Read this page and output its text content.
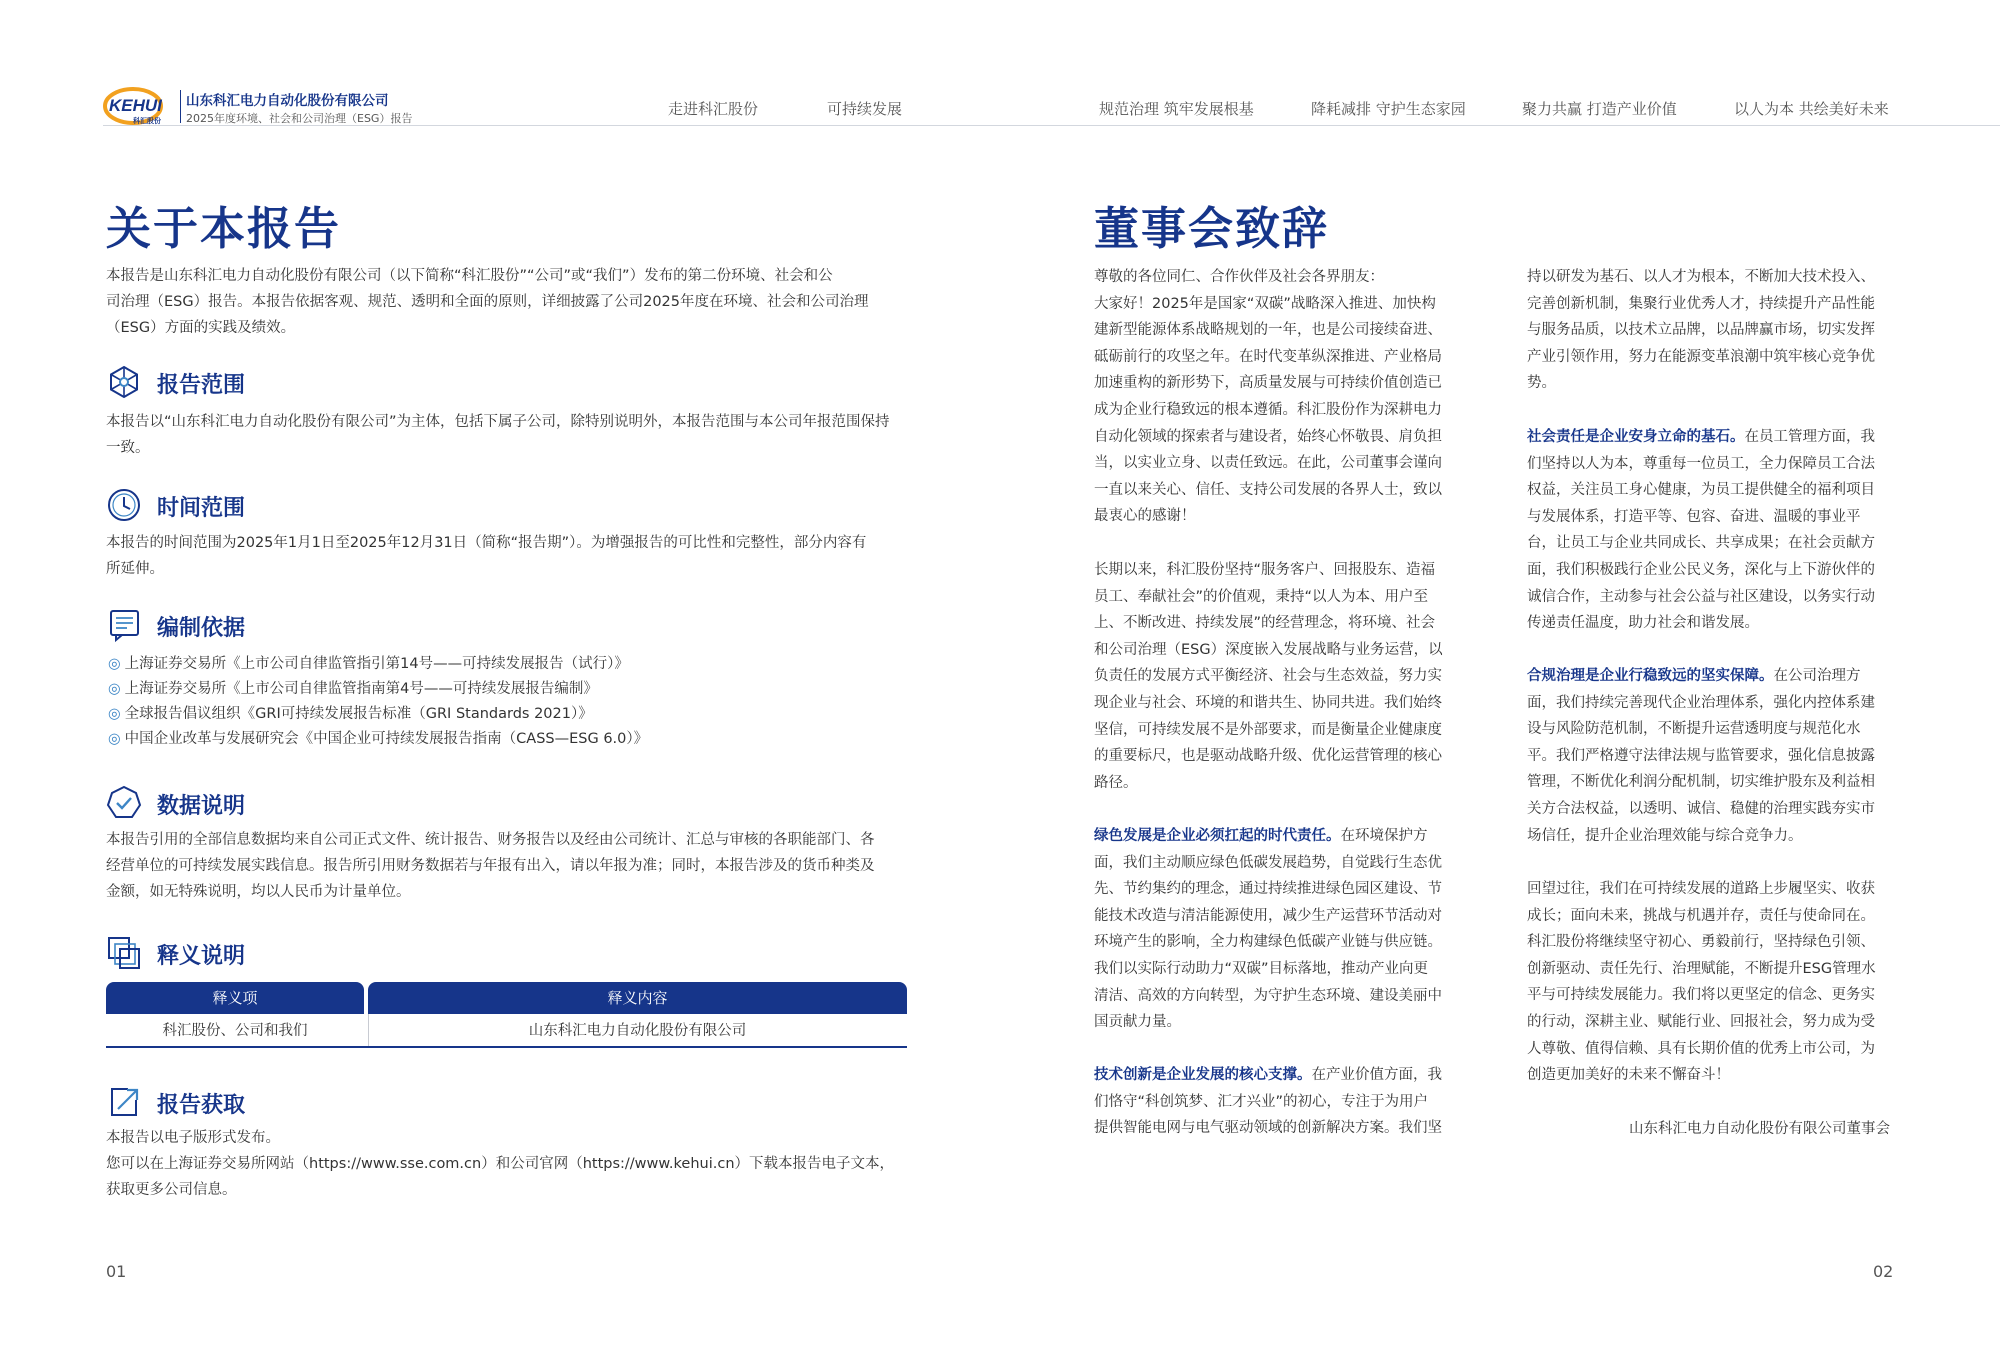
KEHUI
科汇股份
山东科汇电力自动化股份有限公司
2025年度环境、社会和公司治理（ESG）报告
走进科汇股份	可持续发展	规范治理 筑牢发展根基	降耗减排 守护生态家园	聚力共赢 打造产业价值	以人为本 共绘美好未来
关于本报告
本报告是山东科汇电力自动化股份有限公司（以下简称“科汇股份”“公司”或“我们”）发布的第二份环境、社会和公
司治理（ESG）报告。本报告依据客观、规范、透明和全面的原则，详细披露了公司2025年度在环境、社会和公司治理
（ESG）方面的实践及绩效。
报告范围
本报告以“山东科汇电力自动化股份有限公司”为主体，包括下属子公司，除特别说明外，本报告范围与本公司年报范围保持
一致。
时间范围
本报告的时间范围为2025年1月1日至2025年12月31日（简称“报告期”）。为增强报告的可比性和完整性，部分内容有
所延伸。
编制依据
◎ 上海证券交易所《上市公司自律监管指引第14号——可持续发展报告（试行）》
◎ 上海证券交易所《上市公司自律监管指南第4号——可持续发展报告编制》
◎ 全球报告倡议组织《GRI可持续发展报告标准（GRI Standards 2021）》
◎ 中国企业改革与发展研究会《中国企业可持续发展报告指南（CASS—ESG 6.0）》
数据说明
本报告引用的全部信息数据均来自公司正式文件、统计报告、财务报告以及经由公司统计、汇总与审核的各职能部门、各
经营单位的可持续发展实践信息。报告所引用财务数据若与年报有出入，请以年报为准；同时，本报告涉及的货币种类及
金额，如无特殊说明，均以人民币为计量单位。
释义说明
释义项	释义内容
科汇股份、公司和我们	山东科汇电力自动化股份有限公司
报告获取
本报告以电子版形式发布。
您可以在上海证券交易所网站（https://www.sse.com.cn）和公司官网（https://www.kehui.cn）下载本报告电子文本，
获取更多公司信息。
01
董事会致辞
尊敬的各位同仁、合作伙伴及社会各界朋友：
大家好！2025年是国家“双碳”战略深入推进、加快构
建新型能源体系战略规划的一年，也是公司接续奋进、
砥砺前行的攻坚之年。在时代变革纵深推进、产业格局
加速重构的新形势下，高质量发展与可持续价值创造已
成为企业行稳致远的根本遵循。科汇股份作为深耕电力
自动化领域的探索者与建设者，始终心怀敬畏、肩负担
当，以实业立身、以责任致远。在此，公司董事会谨向
一直以来关心、信任、支持公司发展的各界人士，致以
最衷心的感谢！
长期以来，科汇股份坚持“服务客户、回报股东、造福
员工、奉献社会”的价值观，秉持“以人为本、用户至
上、不断改进、持续发展”的经营理念，将环境、社会
和公司治理（ESG）深度嵌入发展战略与业务运营，以
负责任的发展方式平衡经济、社会与生态效益，努力实
现企业与社会、环境的和谐共生、协同共进。我们始终
坚信，可持续发展不是外部要求，而是衡量企业健康度
的重要标尺，也是驱动战略升级、优化运营管理的核心
路径。
绿色发展是企业必须扛起的时代责任。在环境保护方
面，我们主动顺应绿色低碳发展趋势，自觉践行生态优
先、节约集约的理念，通过持续推进绿色园区建设、节
能技术改造与清洁能源使用，减少生产运营环节活动对
环境产生的影响，全力构建绿色低碳产业链与供应链。
我们以实际行动助力“双碳”目标落地，推动产业向更
清洁、高效的方向转型，为守护生态环境、建设美丽中
国贡献力量。
技术创新是企业发展的核心支撑。在产业价值方面，我
们恪守“科创筑梦、汇才兴业”的初心，专注于为用户
提供智能电网与电气驱动领域的创新解决方案。我们坚
持以研发为基石、以人才为根本，不断加大技术投入、
完善创新机制，集聚行业优秀人才，持续提升产品性能
与服务品质，以技术立品牌，以品牌赢市场，切实发挥
产业引领作用，努力在能源变革浪潮中筑牢核心竞争优
势。
社会责任是企业安身立命的基石。在员工管理方面，我
们坚持以人为本，尊重每一位员工，全力保障员工合法
权益，关注员工身心健康，为员工提供健全的福利项目
与发展体系，打造平等、包容、奋进、温暖的事业平
台，让员工与企业共同成长、共享成果；在社会贡献方
面，我们积极践行企业公民义务，深化与上下游伙伴的
诚信合作，主动参与社会公益与社区建设，以务实行动
传递责任温度，助力社会和谐发展。
合规治理是企业行稳致远的坚实保障。在公司治理方
面，我们持续完善现代企业治理体系，强化内控体系建
设与风险防范机制，不断提升运营透明度与规范化水
平。我们严格遵守法律法规与监管要求，强化信息披露
管理，不断优化利润分配机制，切实维护股东及利益相
关方合法权益，以透明、诚信、稳健的治理实践夯实市
场信任，提升企业治理效能与综合竞争力。
回望过往，我们在可持续发展的道路上步履坚实、收获
成长；面向未来，挑战与机遇并存，责任与使命同在。
科汇股份将继续坚守初心、勇毅前行，坚持绿色引领、
创新驱动、责任先行、治理赋能，不断提升ESG管理水
平与可持续发展能力。我们将以更坚定的信念、更务实
的行动，深耕主业、赋能行业、回报社会，努力成为受
人尊敬、值得信赖、具有长期价值的优秀上市公司，为
创造更加美好的未来不懈奋斗！
山东科汇电力自动化股份有限公司董事会
02
